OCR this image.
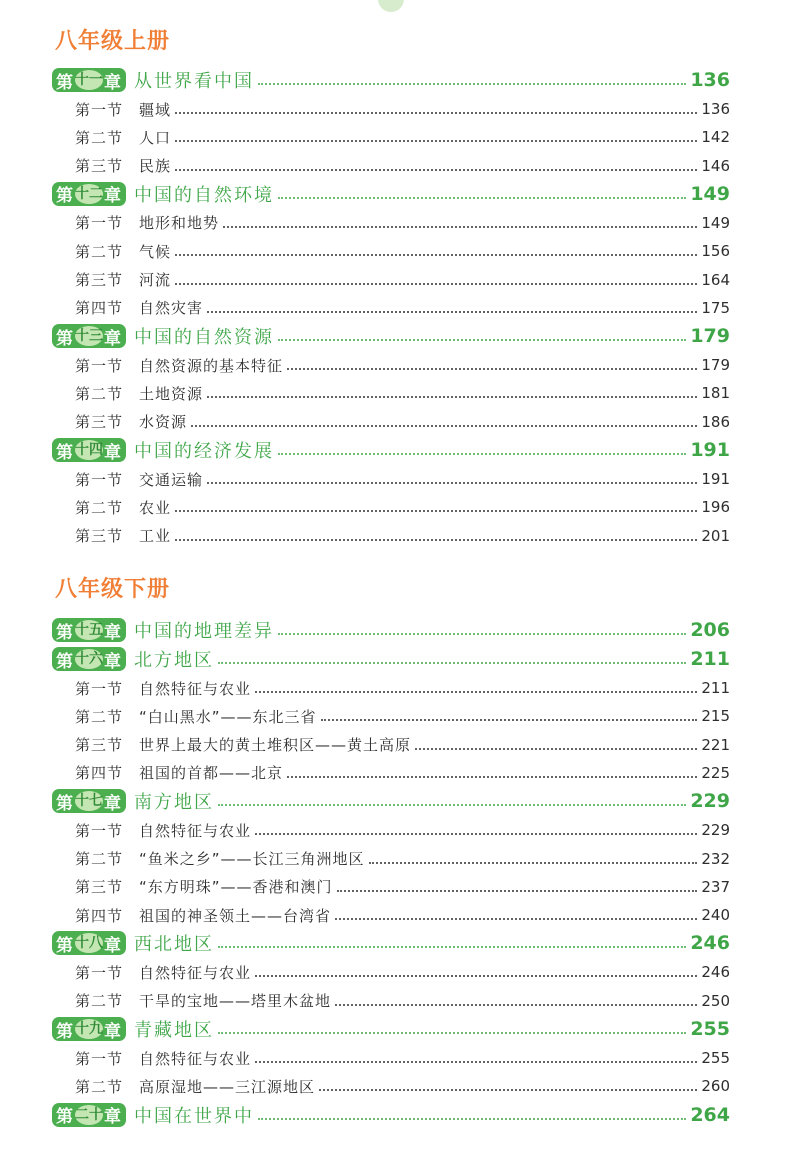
八年级上册
第 十一 章 从世界看中国	136
第一节	疆域	136
第二节	人口	142
第三节	民族	146
第 十二 章 中国的自然环境	149
第一节	地形和地势	149
第二节	气候	156
第三节	河流	164
第四节	自然灾害	175
第 十三 章 中国的自然资源	179
第一节	自然资源的基本特征	179
第二节	土地资源	181
第三节	水资源	186
第 十四 章 中国的经济发展	191
第一节	交通运输	191
第二节	农业	196
第三节	工业	201
八年级下册
第 十五 章 中国的地理差异	206
第 十六 章 北方地区	211
第一节	自然特征与农业	211
第二节	“白山黑水”——东北三省	215
第三节	世界上最大的黄土堆积区——黄土高原	221
第四节	祖国的首都——北京	225
第 十七 章 南方地区	229
第一节	自然特征与农业	229
第二节	“鱼米之乡”——长江三角洲地区	232
第三节	“东方明珠”——香港和澳门	237
第四节	祖国的神圣领土——台湾省	240
第 十八 章 西北地区	246
第一节	自然特征与农业	246
第二节	干旱的宝地——塔里木盆地	250
第 十九 章 青藏地区	255
第一节	自然特征与农业	255
第二节	高原湿地——三江源地区	260
第 二十 章 中国在世界中	264
